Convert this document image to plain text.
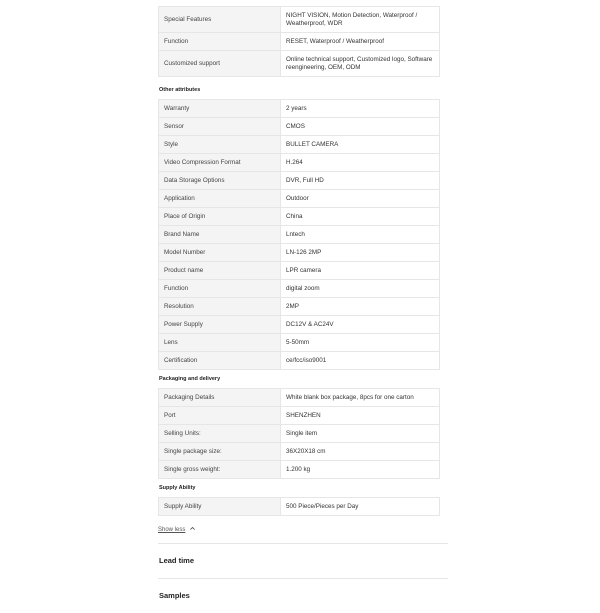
Special Features	NIGHT VISION, Motion Detection, Waterproof / Weatherproof, WDR
Function	RESET, Waterproof / Weatherproof
Customized support	Online technical support, Customized logo, Software reengineering, OEM, ODM
Other attributes
Warranty	2 years
Sensor	CMOS
Style	BULLET CAMERA
Video Compression Format	H.264
Data Storage Options	DVR, Full HD
Application	Outdoor
Place of Origin	China
Brand Name	Lntech
Model Number	LN-126 2MP
Product name	LPR camera
Function	digital zoom
Resolution	2MP
Power Supply	DC12V & AC24V
Lens	5-50mm
Certification	ce/fcc/iso9001
Packaging and delivery
Packaging Details	White blank box package, 8pcs for one carton
Port	SHENZHEN
Selling Units:	Single item
Single package size:	36X20X18 cm
Single gross weight:	1.200 kg
Supply Ability
Supply Ability	500 Piece/Pieces per Day
Show less
Lead time
Samples
